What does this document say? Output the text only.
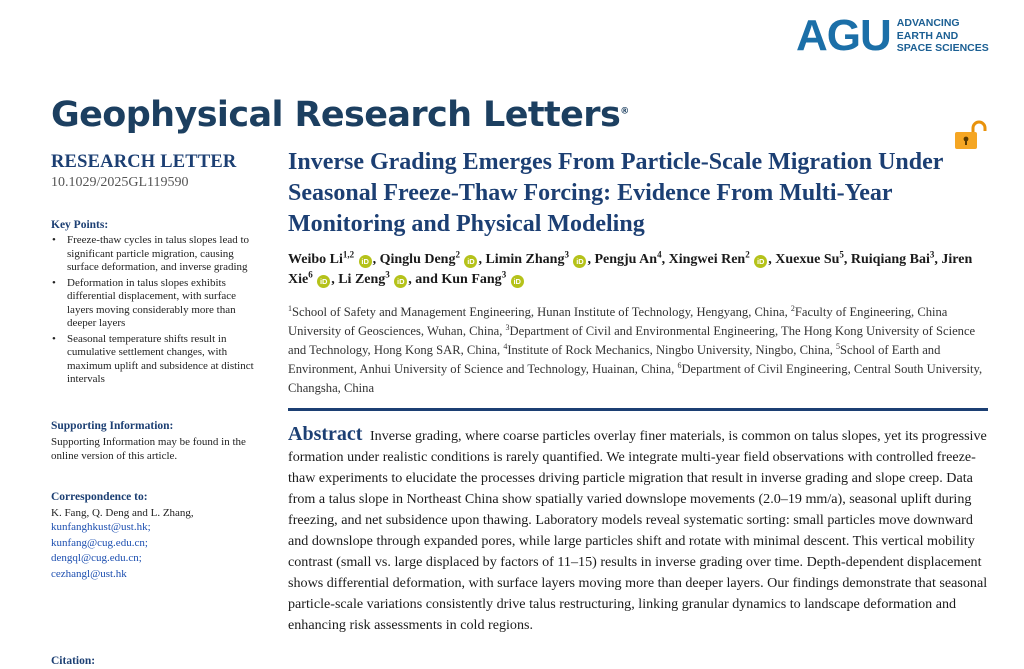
AGU ADVANCING
EARTH AND
SPACE SCIENCES
Geophysical Research Letters®
RESEARCH LETTER
10.1029/2025GL119590
Key Points:
• Freeze-thaw cycles in talus slopes lead to significant particle migration, causing surface deformation, and inverse grading
• Deformation in talus slopes exhibits differential displacement, with surface layers moving considerably more than deeper layers
• Seasonal temperature shifts result in cumulative settlement changes, with maximum uplift and subsidence at distinct intervals
Supporting Information:
Supporting Information may be found in the online version of this article.
Correspondence to:
K. Fang, Q. Deng and L. Zhang,
kunfanghkust@ust.hk;
kunfang@cug.edu.cn;
dengql@cug.edu.cn;
cezhangl@ust.hk
Citation:
Inverse Grading Emerges From Particle-Scale Migration Under Seasonal Freeze-Thaw Forcing: Evidence From Multi-Year Monitoring and Physical Modeling
Weibo Li$^{1,2}$ iD , Qinglu Deng$^2$ iD , Limin Zhang$^3$ iD , Pengju An$^4$, Xingwei Ren$^2$ iD , Xuexue Su$^5$, Ruiqiang Bai$^3$, Jiren Xie$^6$ iD , Li Zeng$^3$ iD , and Kun Fang$^3$ iD
$^1$School of Safety and Management Engineering, Hunan Institute of Technology, Hengyang, China, $^2$Faculty of Engineering, China University of Geosciences, Wuhan, China, $^3$Department of Civil and Environmental Engineering, The Hong Kong University of Science and Technology, Hong Kong SAR, China, $^4$Institute of Rock Mechanics, Ningbo University, Ningbo, China, $^5$School of Earth and Environment, Anhui University of Science and Technology, Huainan, China, $^6$Department of Civil Engineering, Central South University, Changsha, China
Abstract Inverse grading, where coarse particles overlay finer materials, is common on talus slopes, yet its progressive formation under realistic conditions is rarely quantified. We integrate multi-year field observations with controlled freeze-thaw experiments to elucidate the processes driving particle migration that result in inverse grading and slope creep. Data from a talus slope in Northeast China show spatially varied downslope movements (2.0–19 mm/a), seasonal uplift during freezing, and net subsidence upon thawing. Laboratory models reveal systematic sorting: small particles move downward and downslope through expanded pores, while large particles shift and rotate with minimal descent. This vertical mobility contrast (small vs. large displaced by factors of 11–15) results in inverse grading over time. Depth-dependent displacement shows differential deformation, with surface layers moving more than deeper layers. Our findings demonstrate that seasonal particle-scale variations consistently drive talus restructuring, linking granular dynamics to landscape deformation and enhancing risk assessments in cold regions.
